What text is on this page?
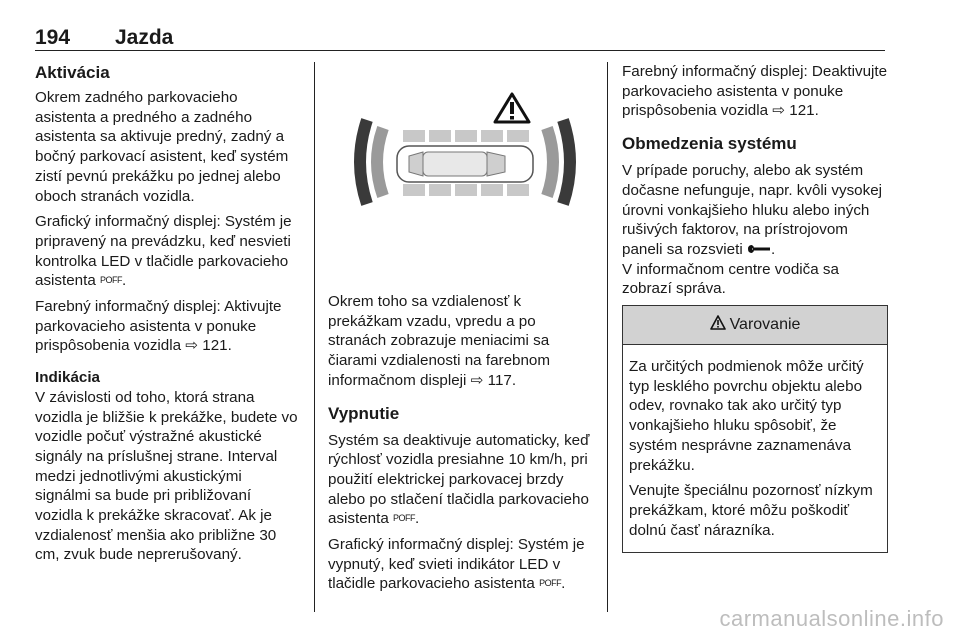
194 Jazda
Aktivácia

Okrem zadného parkovacieho asistenta a predného a zadného asistenta sa aktivuje predný, zadný a bočný parkovací asistent, keď systém zistí pevnú prekážku po jednej alebo oboch stranách vozidla.

Grafický informačný displej: Systém je pripravený na prevádzku, keď nesvieti kontrolka LED v tlačidle parkovacieho asistenta POFF.

Farebný informačný displej: Aktivujte parkovacieho asistenta v ponuke prispôsobenia vozidla ⇨ 121.

Indikácia

V závislosti od toho, ktorá strana vozidla je bližšie k prekážke, budete vo vozidle počuť výstražné akustické signály na príslušnej strane. Interval medzi jednotlivými akustickými signálmi sa bude pri približovaní vozidla k prekážke skracovať. Ak je vzdialenosť menšia ako približne 30 cm, zvuk bude neprerušovaný.

Okrem toho sa vzdialenosť k prekážkam vzadu, vpredu a po stranách zobrazuje meniacimi sa čiarami vzdialenosti na farebnom informačnom displeji ⇨ 117.

Vypnutie

Systém sa deaktivuje automaticky, keď rýchlosť vozidla presiahne 10 km/h, pri použití elektrickej parkovacej brzdy alebo po stlačení tlačidla parkovacieho asistenta POFF.

Grafický informačný displej: Systém je vypnutý, keď svieti indikátor LED v tlačidle parkovacieho asistenta POFF.

Farebný informačný displej: Deaktivujte parkovacieho asistenta v ponuke prispôsobenia vozidla ⇨ 121.

Obmedzenia systému

V prípade poruchy, alebo ak systém dočasne nefunguje, napr. kvôli vysokej úrovni vonkajšieho hluku alebo iných rušivých faktorov, na prístrojovom paneli sa rozsvieti .

V informačnom centre vodiča sa zobrazí správa.

Varovanie

Za určitých podmienok môže určitý typ lesklého povrchu objektu alebo odev, rovnako tak ako určitý typ vonkajšieho hluku spôsobiť, že systém nesprávne zaznamenáva prekážku.

Venujte špeciálnu pozornosť nízkym prekážkam, ktoré môžu poškodiť dolnú časť nárazníka.

carmanualsonline.info
